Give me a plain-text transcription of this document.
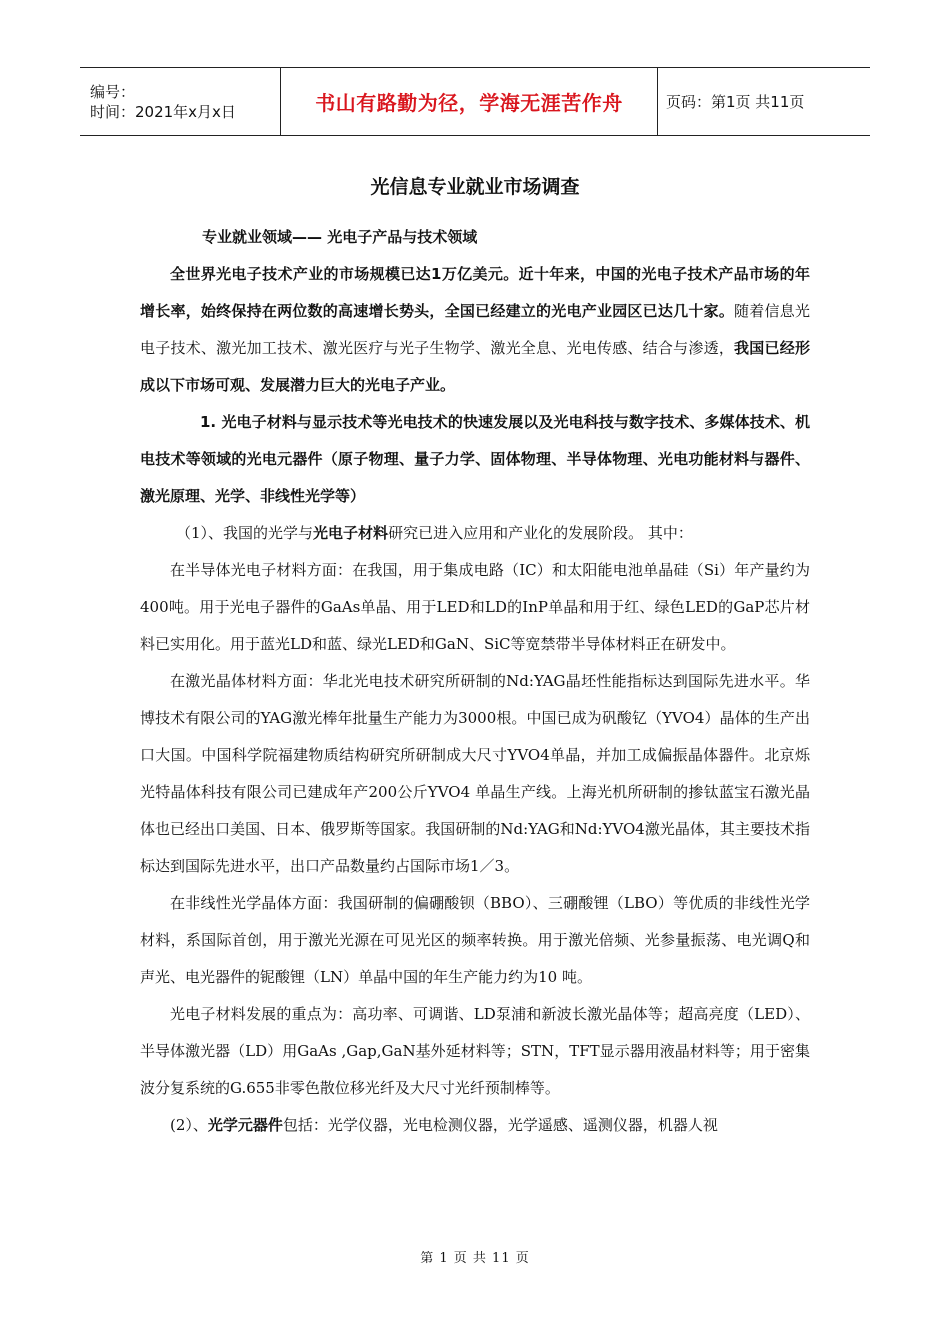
编号：
时间：2021年x月x日	书山有路勤为径，学海无涯苦作舟	页码：第1页 共11页
光信息专业就业市场调查

专业就业领域—— 光电子产品与技术领域

全世界光电子技术产业的市场规模已达1万亿美元。近十年来，中国的光电子技术产品市场的年增长率，始终保持在两位数的高速增长势头，全国已经建立的光电产业园区已达几十家。随着信息光电子技术、激光加工技术、激光医疗与光子生物学、激光全息、光电传感、结合与渗透，我国已经形成以下市场可观、发展潜力巨大的光电子产业。

1. 光电子材料与显示技术等光电技术的快速发展以及光电科技与数字技术、多媒体技术、机电技术等领域的光电元器件（原子物理、量子力学、固体物理、半导体物理、光电功能材料与器件、激光原理、光学、非线性光学等）

（1）、我国的光学与光电子材料研究已进入应用和产业化的发展阶段。 其中：

在半导体光电子材料方面：在我国，用于集成电路（IC）和太阳能电池单晶硅（Si）年产量约为400吨。用于光电子器件的GaAs单晶、用于LED和LD的InP单晶和用于红、绿色LED的GaP芯片材料已实用化。用于蓝光LD和蓝、绿光LED和GaN、SiC等宽禁带半导体材料正在研发中。

在激光晶体材料方面：华北光电技术研究所研制的Nd:YAG晶坯性能指标达到国际先进水平。华博技术有限公司的YAG激光棒年批量生产能力为3000根。中国已成为矾酸钇（YVO4）晶体的生产出口大国。中国科学院福建物质结构研究所研制成大尺寸YVO4单晶，并加工成偏振晶体器件。北京烁光特晶体科技有限公司已建成年产200公斤YVO4 单晶生产线。上海光机所研制的掺钛蓝宝石激光晶体也已经出口美国、日本、俄罗斯等国家。我国研制的Nd:YAG和Nd:YVO4激光晶体，其主要技术指标达到国际先进水平，出口产品数量约占国际市场1／3。

在非线性光学晶体方面：我国研制的偏硼酸钡（BBO）、三硼酸锂（LBO）等优质的非线性光学材料，系国际首创，用于激光光源在可见光区的频率转换。用于激光倍频、光参量振荡、电光调Q和声光、电光器件的铌酸锂（LN）单晶中国的年生产能力约为10 吨。

光电子材料发展的重点为：高功率、可调谐、LD泵浦和新波长激光晶体等；超高亮度（LED）、半导体激光器（LD）用GaAs ,Gap,GaN基外延材料等；STN，TFT显示器用液晶材料等；用于密集波分复系统的G.655非零色散位移光纤及大尺寸光纤预制棒等。

(2）、光学元器件包括：光学仪器，光电检测仪器，光学遥感、遥测仪器，机器人视

第 1 页 共 11 页
